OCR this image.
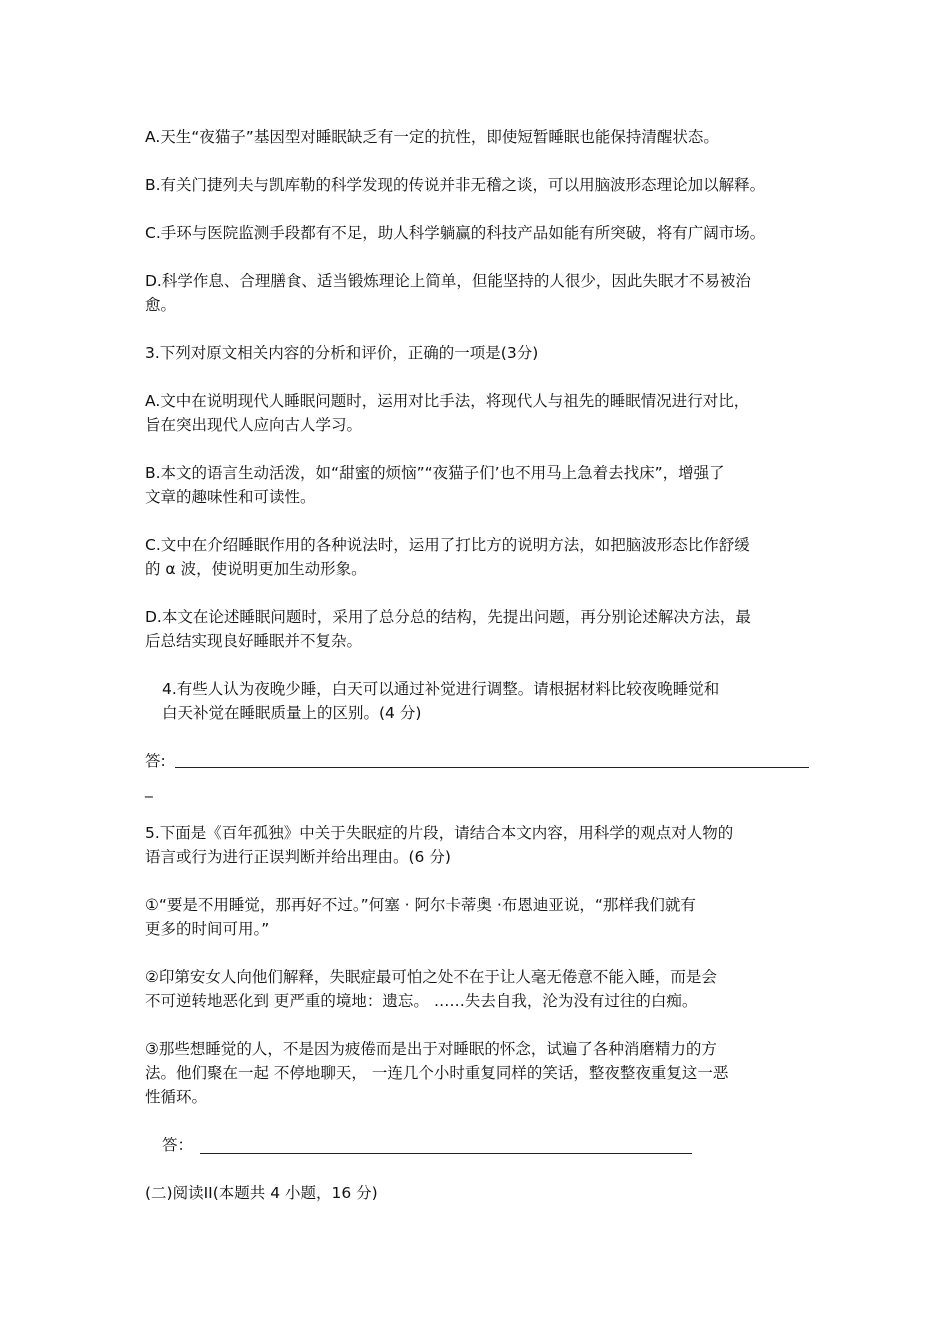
A.天生“夜猫子”基因型对睡眠缺乏有一定的抗性，即使短暂睡眠也能保持清醒状态。
B.有关门捷列夫与凯库勒的科学发现的传说并非无稽之谈，可以用脑波形态理论加以解释。
C.手环与医院监测手段都有不足，助人科学躺赢的科技产品如能有所突破，将有广阔市场。
D.科学作息、合理膳食、适当锻炼理论上简单，但能坚持的人很少，因此失眠才不易被治
愈。
3.下列对原文相关内容的分析和评价，正确的一项是(3分)
A.文中在说明现代人睡眠问题时，运用对比手法，将现代人与祖先的睡眠情况进行对比，
旨在突出现代人应向古人学习。
B.本文的语言生动活泼，如“甜蜜的烦恼”“夜猫子们’也不用马上急着去找床”，增强了
文章的趣味性和可读性。
C.文中在介绍睡眠作用的各种说法时，运用了打比方的说明方法，如把脑波形态比作舒缓
的 α 波，使说明更加生动形象。
D.本文在论述睡眠问题时，采用了总分总的结构，先提出问题，再分别论述解决方法，最
后总结实现良好睡眠并不复杂。
4.有些人认为夜晚少睡，白天可以通过补觉进行调整。请根据材料比较夜晚睡觉和
白天补觉在睡眠质量上的区别。(4 分)
答:
_
5.下面是《百年孤独》中关于失眠症的片段，请结合本文内容，用科学的观点对人物的
语言或行为进行正误判断并给出理由。(6 分)
①“要是不用睡觉，那再好不过。”何塞 · 阿尔卡蒂奥 ·布恩迪亚说，“那样我们就有
更多的时间可用。”
②印第安女人向他们解释，失眠症最可怕之处不在于让人毫无倦意不能入睡，而是会
不可逆转地恶化到 更严重的境地：遗忘。 ……失去自我，沦为没有过往的白痴。
③那些想睡觉的人，不是因为疲倦而是出于对睡眠的怀念，试遍了各种消磨精力的方
法。他们聚在一起 不停地聊天， 一连几个小时重复同样的笑话，整夜整夜重复这一恶
性循环。
答：
(二)阅读II(本题共 4 小题，16 分)
